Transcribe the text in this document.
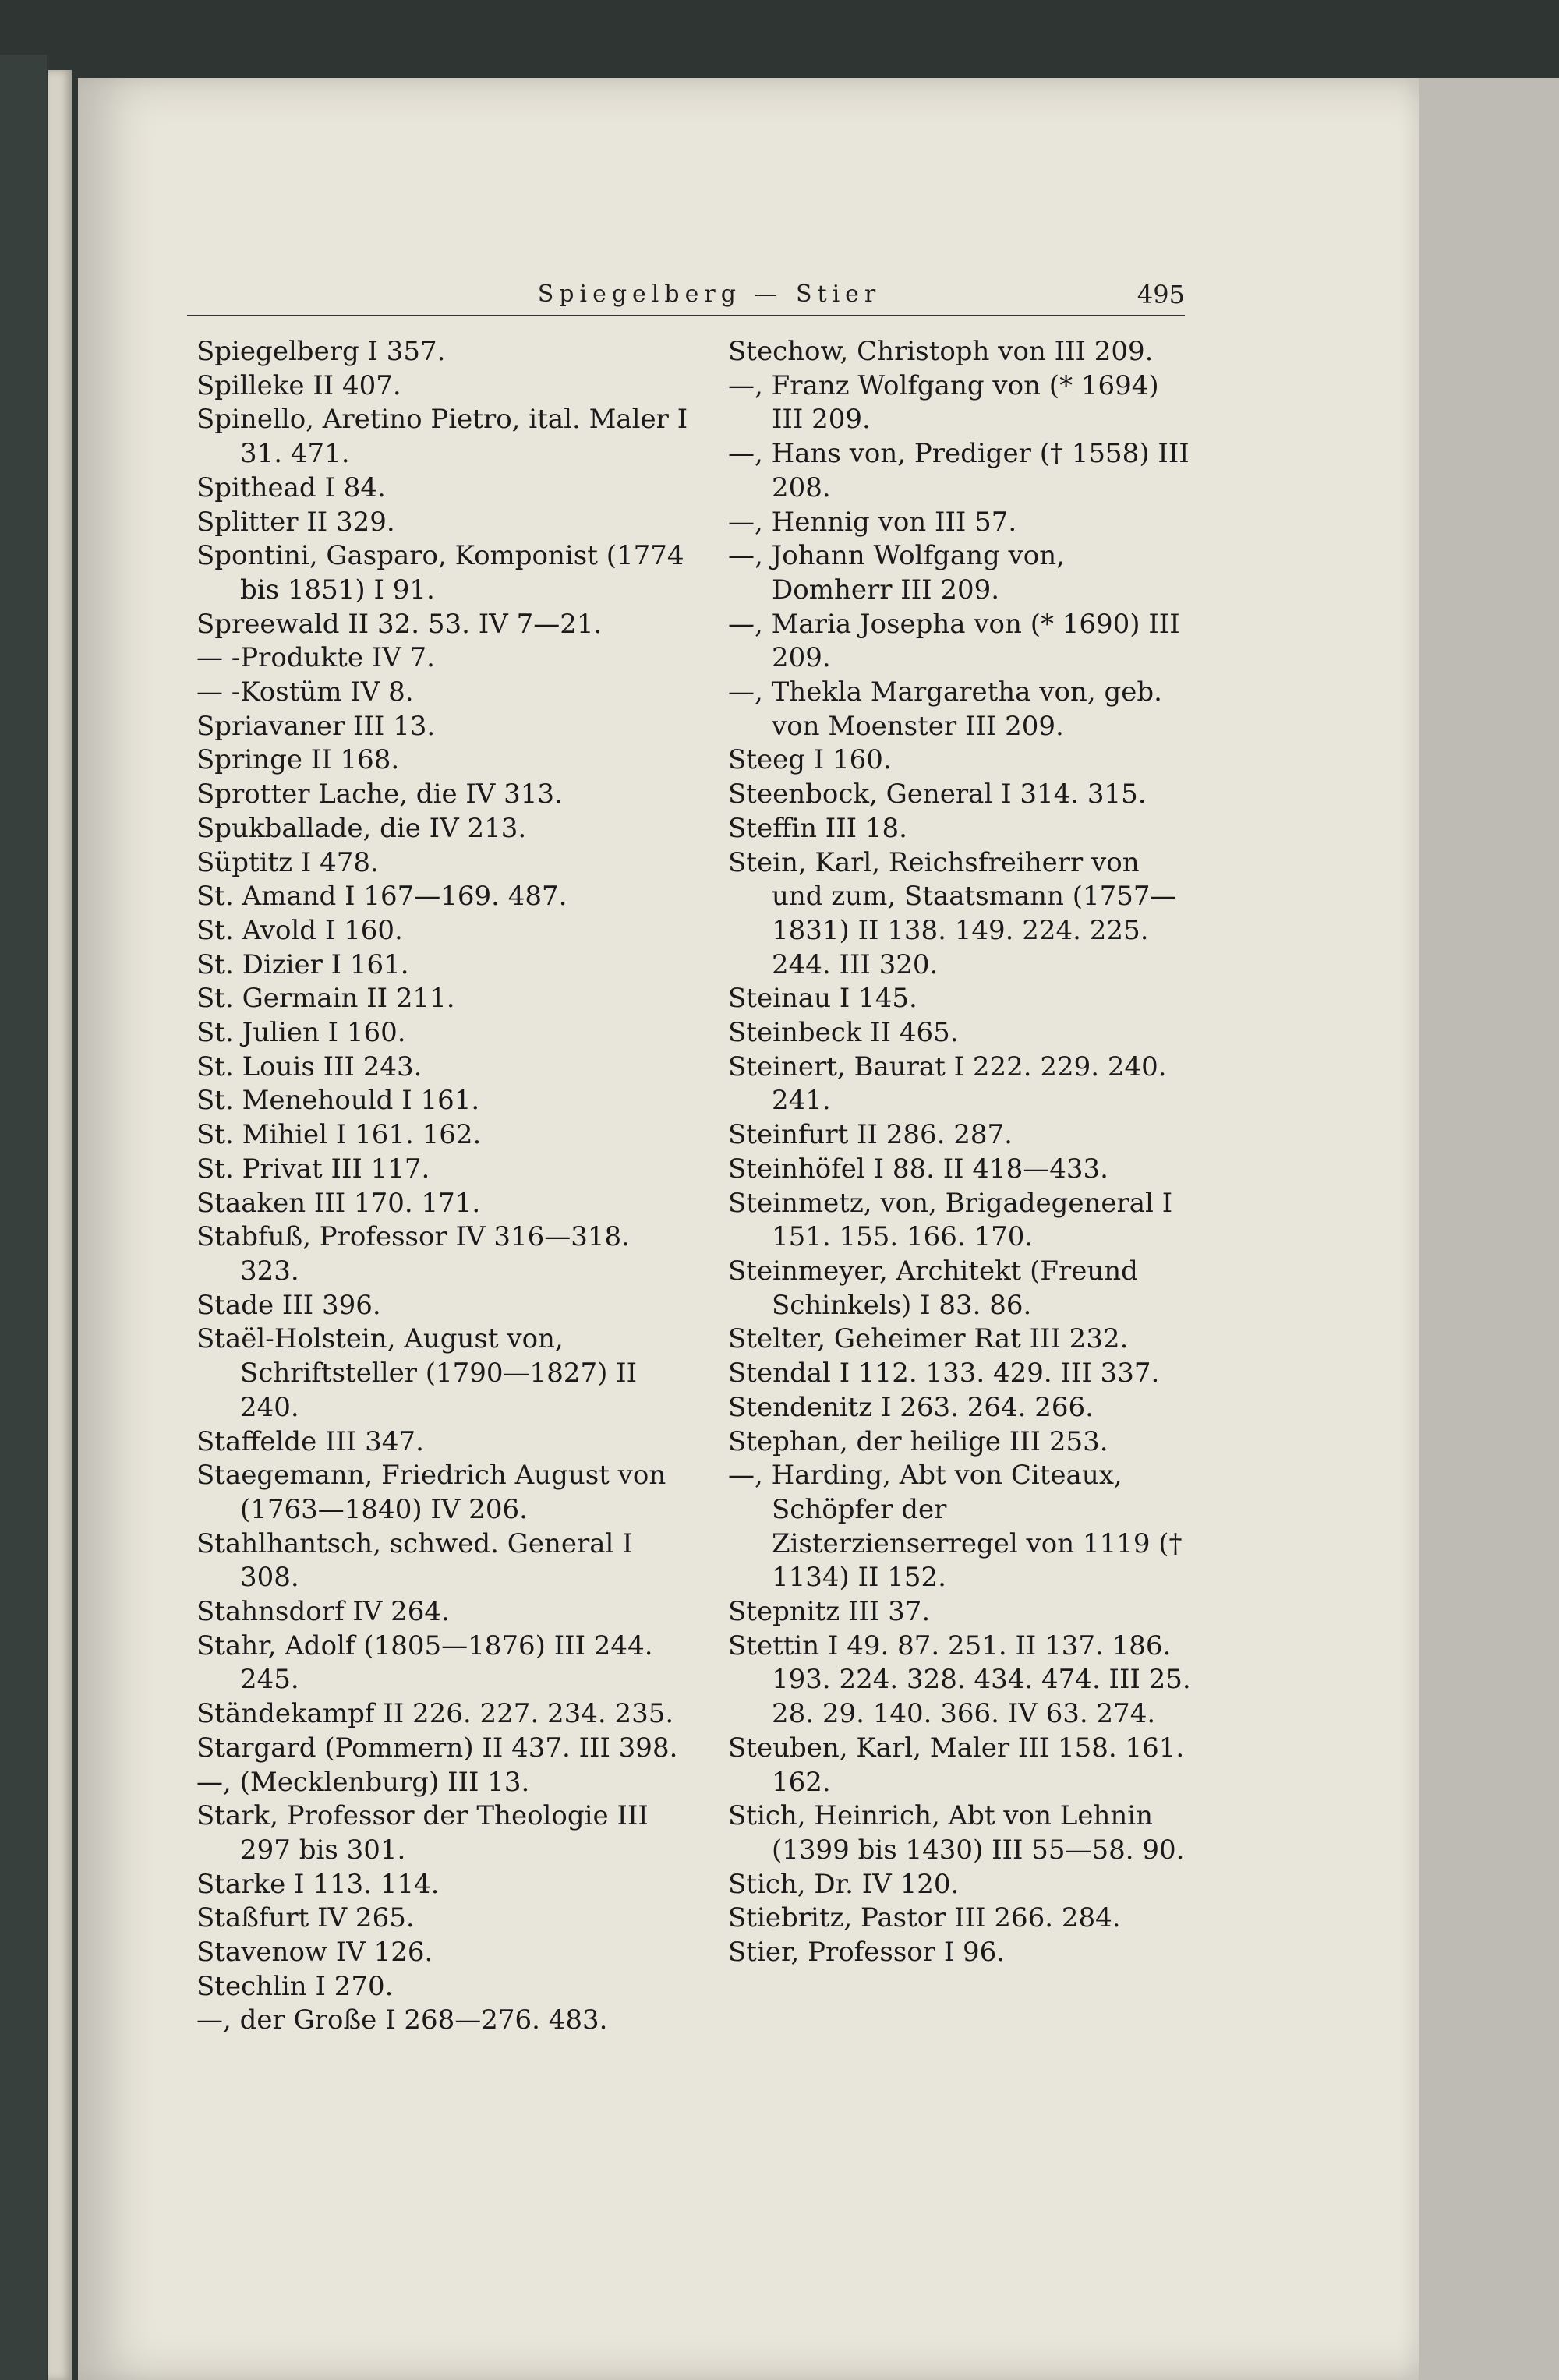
Spiegelberg — Stier	495

Spiegelberg I 357.

Spilleke II 407.

Spinello, Aretino Pietro, ital. Maler I 31. 471.

Spithead I 84.

Splitter II 329.

Spontini, Gasparo, Komponist (1774 bis 1851) I 91.

Spreewald II 32. 53. IV 7—21.

— -Produkte IV 7.

— -Kostüm IV 8.

Spriavaner III 13.

Springe II 168.

Sprotter Lache, die IV 313.

Spukballade, die IV 213.

Süptitz I 478.

St. Amand I 167—169. 487.

St. Avold I 160.

St. Dizier I 161.

St. Germain II 211.

St. Julien I 160.

St. Louis III 243.

St. Menehould I 161.

St. Mihiel I 161. 162.

St. Privat III 117.

Staaken III 170. 171.

Stabfuß, Professor IV 316—318. 323.

Stade III 396.

Staël-Holstein, August von, Schriftsteller (1790—1827) II 240.

Staffelde III 347.

Staegemann, Friedrich August von (1763—1840) IV 206.

Stahlhantsch, schwed. General I 308.

Stahnsdorf IV 264.

Stahr, Adolf (1805—1876) III 244. 245.

Ständekampf II 226. 227. 234. 235.

Stargard (Pommern) II 437. III 398.

—, (Mecklenburg) III 13.

Stark, Professor der Theologie III 297 bis 301.

Starke I 113. 114.

Staßfurt IV 265.

Stavenow IV 126.

Stechlin I 270.

—, der Große I 268—276. 483.

Stechow, Christoph von III 209.

—, Franz Wolfgang von (* 1694) III 209.

—, Hans von, Prediger († 1558) III 208.

—, Hennig von III 57.

—, Johann Wolfgang von, Domherr III 209.

—, Maria Josepha von (* 1690) III 209.

—, Thekla Margaretha von, geb. von Moenster III 209.

Steeg I 160.

Steenbock, General I 314. 315.

Steffin III 18.

Stein, Karl, Reichsfreiherr von und zum, Staatsmann (1757—1831) II 138. 149. 224. 225. 244. III 320.

Steinau I 145.

Steinbeck II 465.

Steinert, Baurat I 222. 229. 240. 241.

Steinfurt II 286. 287.

Steinhöfel I 88. II 418—433.

Steinmetz, von, Brigadegeneral I 151. 155. 166. 170.

Steinmeyer, Architekt (Freund Schinkels) I 83. 86.

Stelter, Geheimer Rat III 232.

Stendal I 112. 133. 429. III 337.

Stendenitz I 263. 264. 266.

Stephan, der heilige III 253.

—, Harding, Abt von Citeaux, Schöpfer der Zisterzienserregel von 1119 († 1134) II 152.

Stepnitz III 37.

Stettin I 49. 87. 251. II 137. 186. 193. 224. 328. 434. 474. III 25. 28. 29. 140. 366. IV 63. 274.

Steuben, Karl, Maler III 158. 161. 162.

Stich, Heinrich, Abt von Lehnin (1399 bis 1430) III 55—58. 90.

Stich, Dr. IV 120.

Stiebritz, Pastor III 266. 284.

Stier, Professor I 96.
